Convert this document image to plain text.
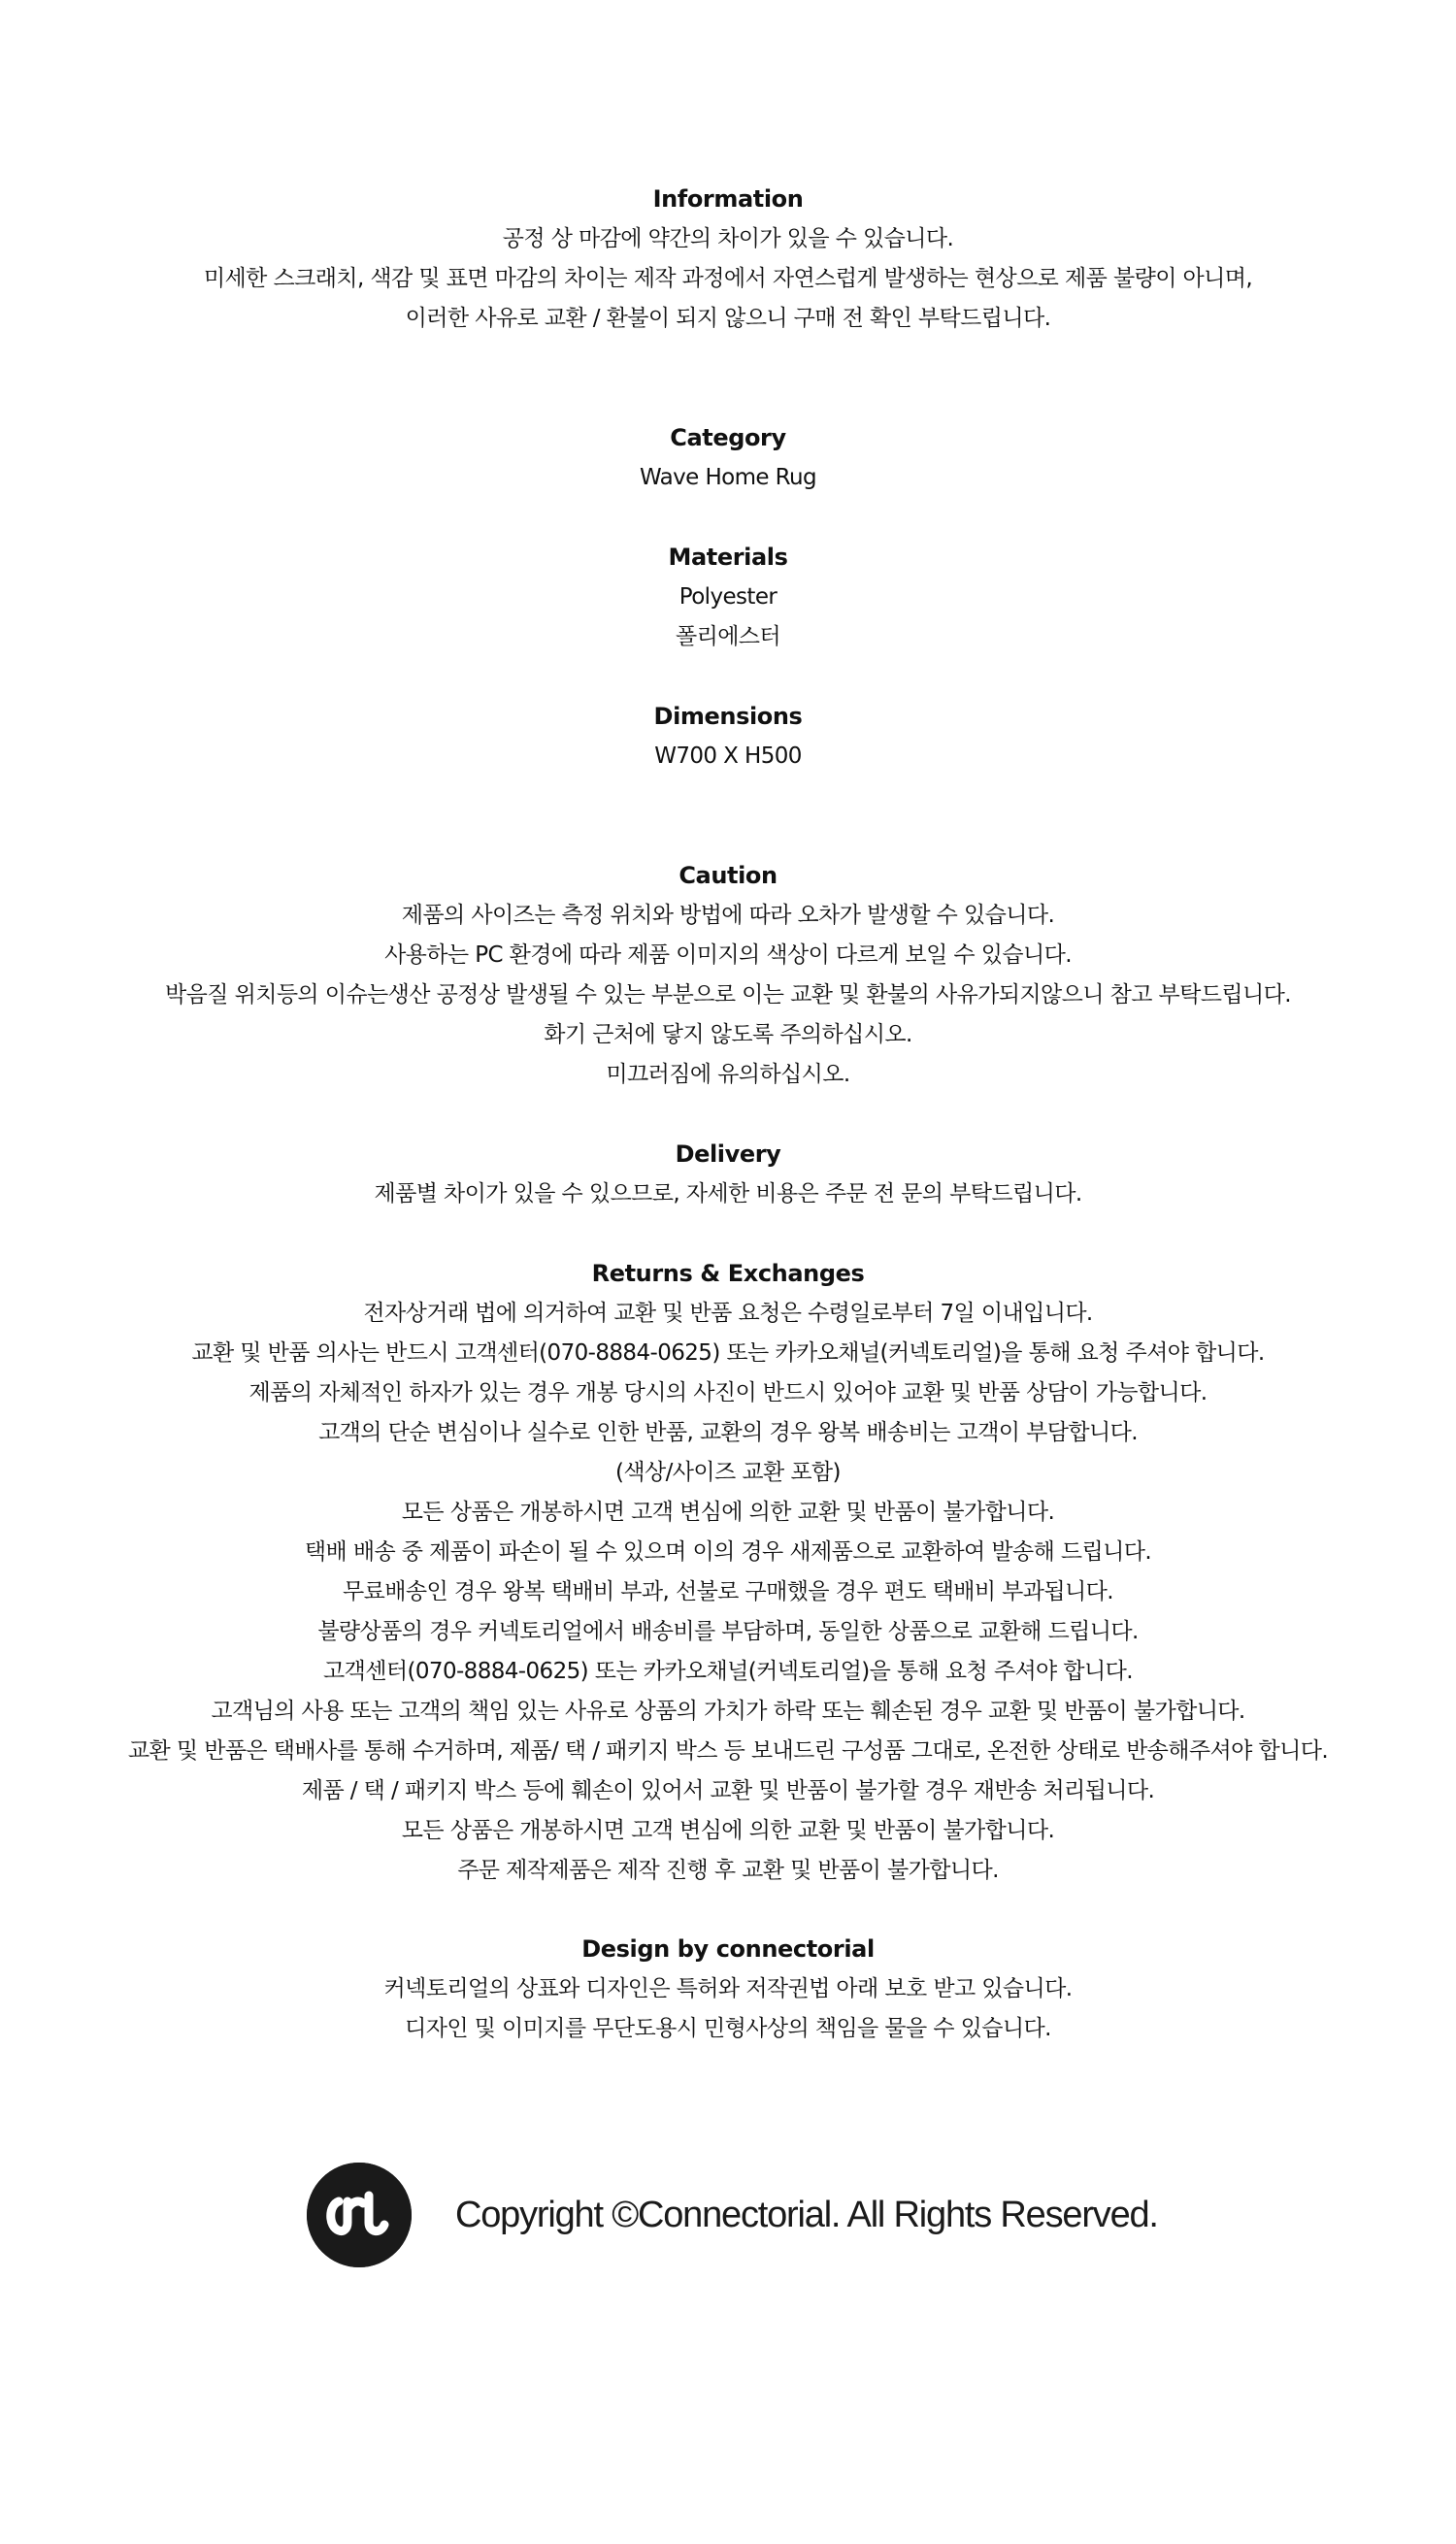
Information
공정 상 마감에 약간의 차이가 있을 수 있습니다.
미세한 스크래치, 색감 및 표면 마감의 차이는 제작 과정에서 자연스럽게 발생하는 현상으로 제품 불량이 아니며,
이러한 사유로 교환 / 환불이 되지 않으니 구매 전 확인 부탁드립니다.
Category
Wave Home Rug
Materials
Polyester
폴리에스터
Dimensions
W700 X H500
Caution
제품의 사이즈는 측정 위치와 방법에 따라 오차가 발생할 수 있습니다.
사용하는 PC 환경에 따라 제품 이미지의 색상이 다르게 보일 수 있습니다.
박음질 위치등의 이슈는생산 공정상 발생될 수 있는 부분으로 이는 교환 및 환불의 사유가되지않으니 참고 부탁드립니다.
화기 근처에 닿지 않도록 주의하십시오.
미끄러짐에 유의하십시오.
Delivery
제품별 차이가 있을 수 있으므로, 자세한 비용은 주문 전 문의 부탁드립니다.
Returns & Exchanges
전자상거래 법에 의거하여 교환 및 반품 요청은 수령일로부터 7일 이내입니다.
교환 및 반품 의사는 반드시 고객센터(070-8884-0625) 또는 카카오채널(커넥토리얼)을 통해 요청 주셔야 합니다.
제품의 자체적인 하자가 있는 경우 개봉 당시의 사진이 반드시 있어야 교환 및 반품 상담이 가능합니다.
고객의 단순 변심이나 실수로 인한 반품, 교환의 경우 왕복 배송비는 고객이 부담합니다.
(색상/사이즈 교환 포함)
모든 상품은 개봉하시면 고객 변심에 의한 교환 및 반품이 불가합니다.
택배 배송 중 제품이 파손이 될 수 있으며 이의 경우 새제품으로 교환하여 발송해 드립니다.
무료배송인 경우 왕복 택배비 부과, 선불로 구매했을 경우 편도 택배비 부과됩니다.
불량상품의 경우 커넥토리얼에서 배송비를 부담하며, 동일한 상품으로 교환해 드립니다.
고객센터(070-8884-0625) 또는 카카오채널(커넥토리얼)을 통해 요청 주셔야 합니다.
고객님의 사용 또는 고객의 책임 있는 사유로 상품의 가치가 하락 또는 훼손된 경우 교환 및 반품이 불가합니다.
교환 및 반품은 택배사를 통해 수거하며, 제품/ 택 / 패키지 박스 등 보내드린 구성품 그대로, 온전한 상태로 반송해주셔야 합니다.
제품 / 택 / 패키지 박스 등에 훼손이 있어서 교환 및 반품이 불가할 경우 재반송 처리됩니다.
모든 상품은 개봉하시면 고객 변심에 의한 교환 및 반품이 불가합니다.
주문 제작제품은 제작 진행 후 교환 및 반품이 불가합니다.
Design by connectorial
커넥토리얼의 상표와 디자인은 특허와 저작권법 아래 보호 받고 있습니다.
디자인 및 이미지를 무단도용시 민형사상의 책임을 물을 수 있습니다.
Copyright ©Connectorial. All Rights Reserved.
